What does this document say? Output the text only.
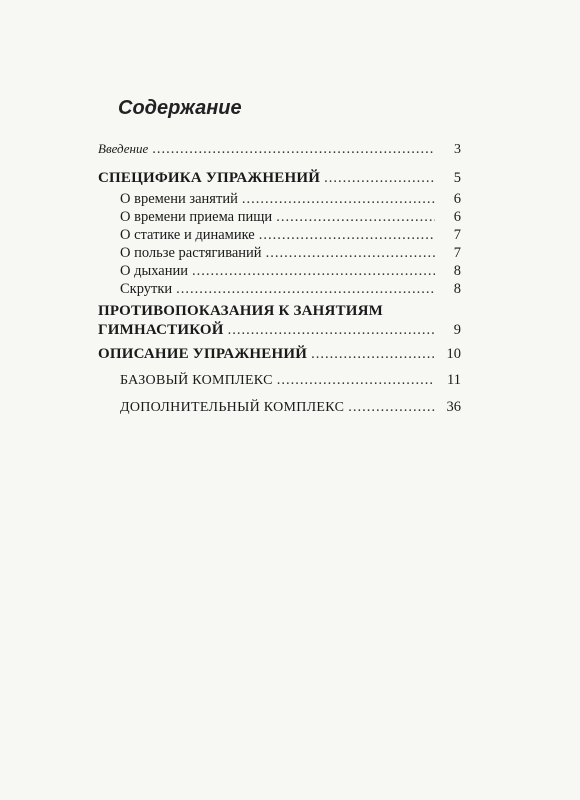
Содержание
Введение .....	3
СПЕЦИФИКА УПРАЖНЕНИЙ .....	5
О времени занятий .....	6
О времени приема пищи .....	6
О статике и динамике .....	7
О пользе растягиваний .....	7
О дыхании .....	8
Скрутки .....	8
ПРОТИВОПОКАЗАНИЯ К ЗАНЯТИЯМ
ГИМНАСТИКОЙ .....	9
ОПИСАНИЕ УПРАЖНЕНИЙ .....	10
БАЗОВЫЙ КОМПЛЕКС .....	11
ДОПОЛНИТЕЛЬНЫЙ КОМПЛЕКС .....	36
